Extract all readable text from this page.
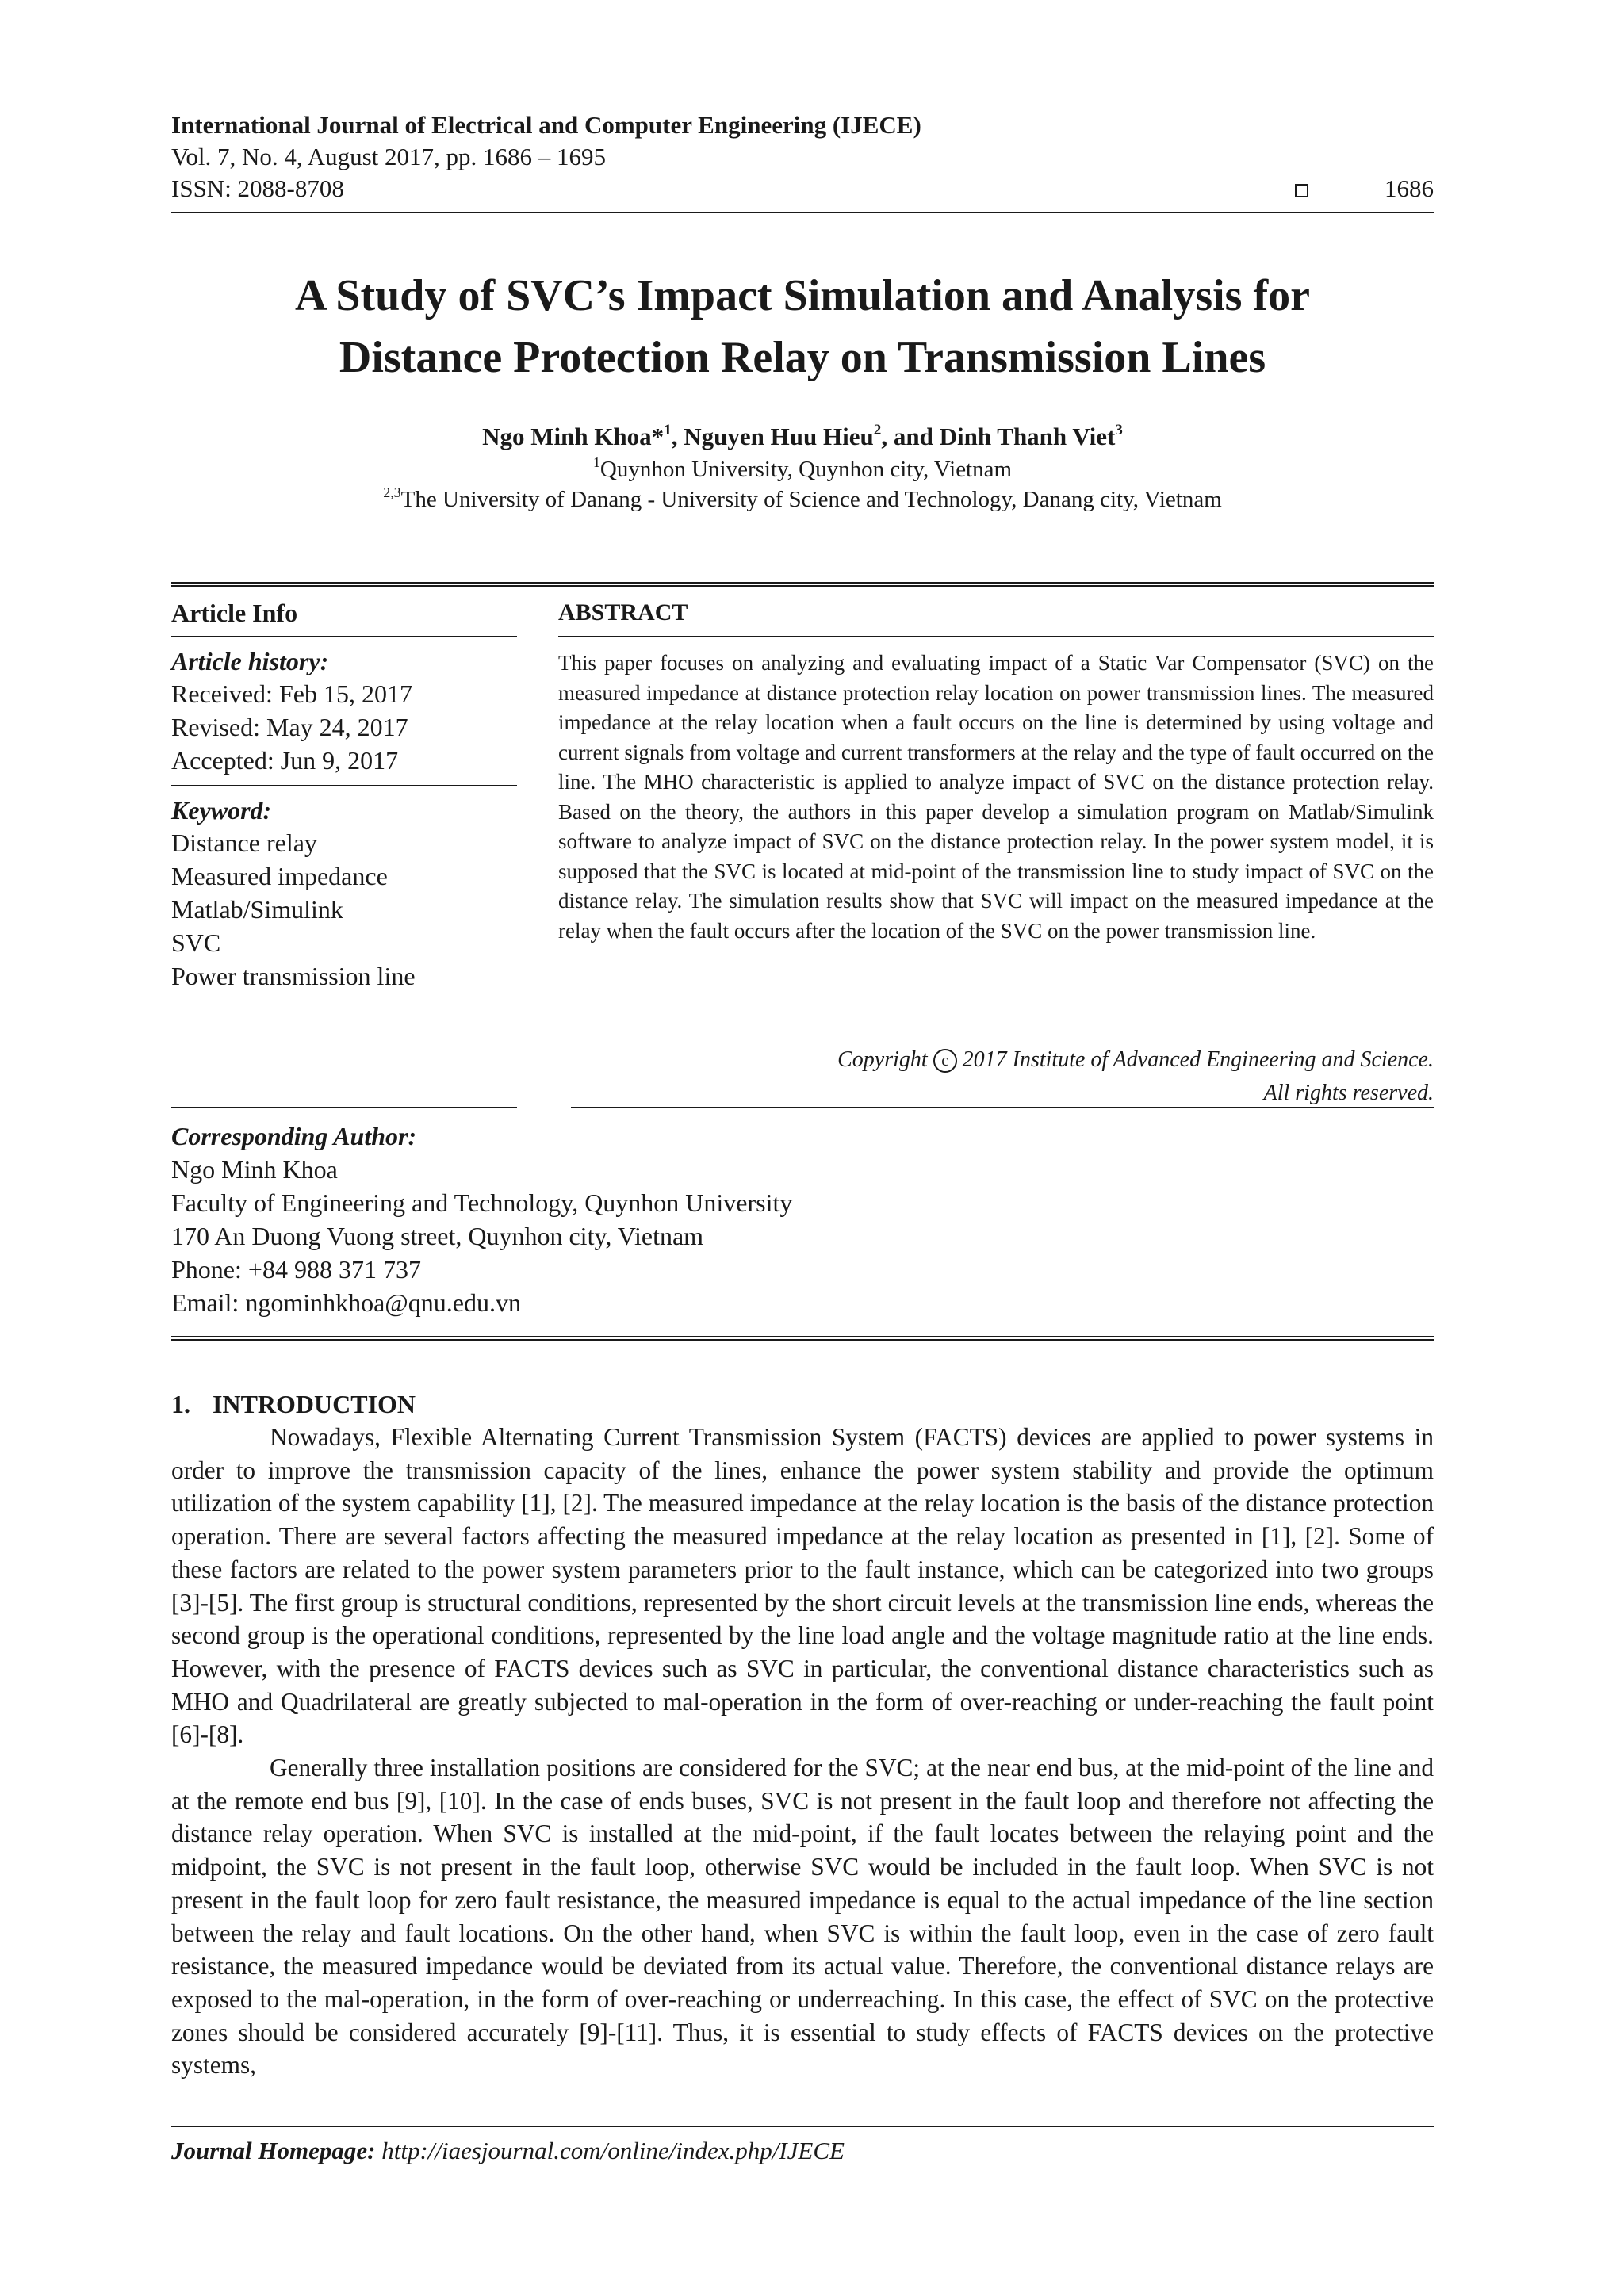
International Journal of Electrical and Computer Engineering (IJECE)
Vol. 7, No. 4, August 2017, pp. 1686 – 1695
ISSN: 2088-8708	1686
A Study of SVC’s Impact Simulation and Analysis for
Distance Protection Relay on Transmission Lines
Ngo Minh Khoa*$^1$, Nguyen Huu Hieu$^2$, and Dinh Thanh Viet$^3$
$^1$Quynhon University, Quynhon city, Vietnam
$^{2,3}$The University of Danang - University of Science and Technology, Danang city, Vietnam
Article Info
Article history:
Received: Feb 15, 2017
Revised: May 24, 2017
Accepted: Jun 9, 2017
Keyword:
Distance relay
Measured impedance
Matlab/Simulink
SVC
Power transmission line
ABSTRACT
This paper focuses on analyzing and evaluating impact of a Static Var Compensator (SVC) on the measured impedance at distance protection relay location on power transmission lines. The measured impedance at the relay location when a fault occurs on the line is determined by using voltage and current signals from voltage and current transformers at the relay and the type of fault occurred on the line. The MHO characteristic is applied to analyze impact of SVC on the distance protection relay. Based on the theory, the authors in this paper develop a simulation program on Matlab/Simulink software to analyze impact of SVC on the distance protection relay. In the power system model, it is supposed that the SVC is located at mid-point of the transmission line to study impact of SVC on the distance relay. The simulation results show that SVC will impact on the measured impedance at the relay when the fault occurs after the location of the SVC on the power transmission line.
Copyright c 2017 Institute of Advanced Engineering and Science.
All rights reserved.
Corresponding Author:
Ngo Minh Khoa
Faculty of Engineering and Technology, Quynhon University
170 An Duong Vuong street, Quynhon city, Vietnam
Phone: +84 988 371 737
Email: ngominhkhoa@qnu.edu.vn
1. INTRODUCTION

Nowadays, Flexible Alternating Current Transmission System (FACTS) devices are applied to power systems in order to improve the transmission capacity of the lines, enhance the power system stability and provide the optimum utilization of the system capability [1], [2]. The measured impedance at the relay location is the basis of the distance protection operation. There are several factors affecting the measured impedance at the relay location as presented in [1], [2]. Some of these factors are related to the power system parameters prior to the fault instance, which can be categorized into two groups [3]-[5]. The first group is structural conditions, represented by the short circuit levels at the transmission line ends, whereas the second group is the operational conditions, represented by the line load angle and the voltage magnitude ratio at the line ends. However, with the presence of FACTS devices such as SVC in particular, the conventional distance characteristics such as MHO and Quadrilateral are greatly subjected to mal-operation in the form of over-reaching or under-reaching the fault point [6]-[8].

Generally three installation positions are considered for the SVC; at the near end bus, at the mid-point of the line and at the remote end bus [9], [10]. In the case of ends buses, SVC is not present in the fault loop and therefore not affecting the distance relay operation. When SVC is installed at the mid-point, if the fault locates between the relaying point and the midpoint, the SVC is not present in the fault loop, otherwise SVC would be included in the fault loop. When SVC is not present in the fault loop for zero fault resistance, the measured impedance is equal to the actual impedance of the line section between the relay and fault locations. On the other hand, when SVC is within the fault loop, even in the case of zero fault resistance, the measured impedance would be deviated from its actual value. Therefore, the conventional distance relays are exposed to the mal-operation, in the form of over-reaching or underreaching. In this case, the effect of SVC on the protective zones should be considered accurately [9]-[11]. Thus, it is essential to study effects of FACTS devices on the protective systems,

Journal Homepage: http://iaesjournal.com/online/index.php/IJECE
